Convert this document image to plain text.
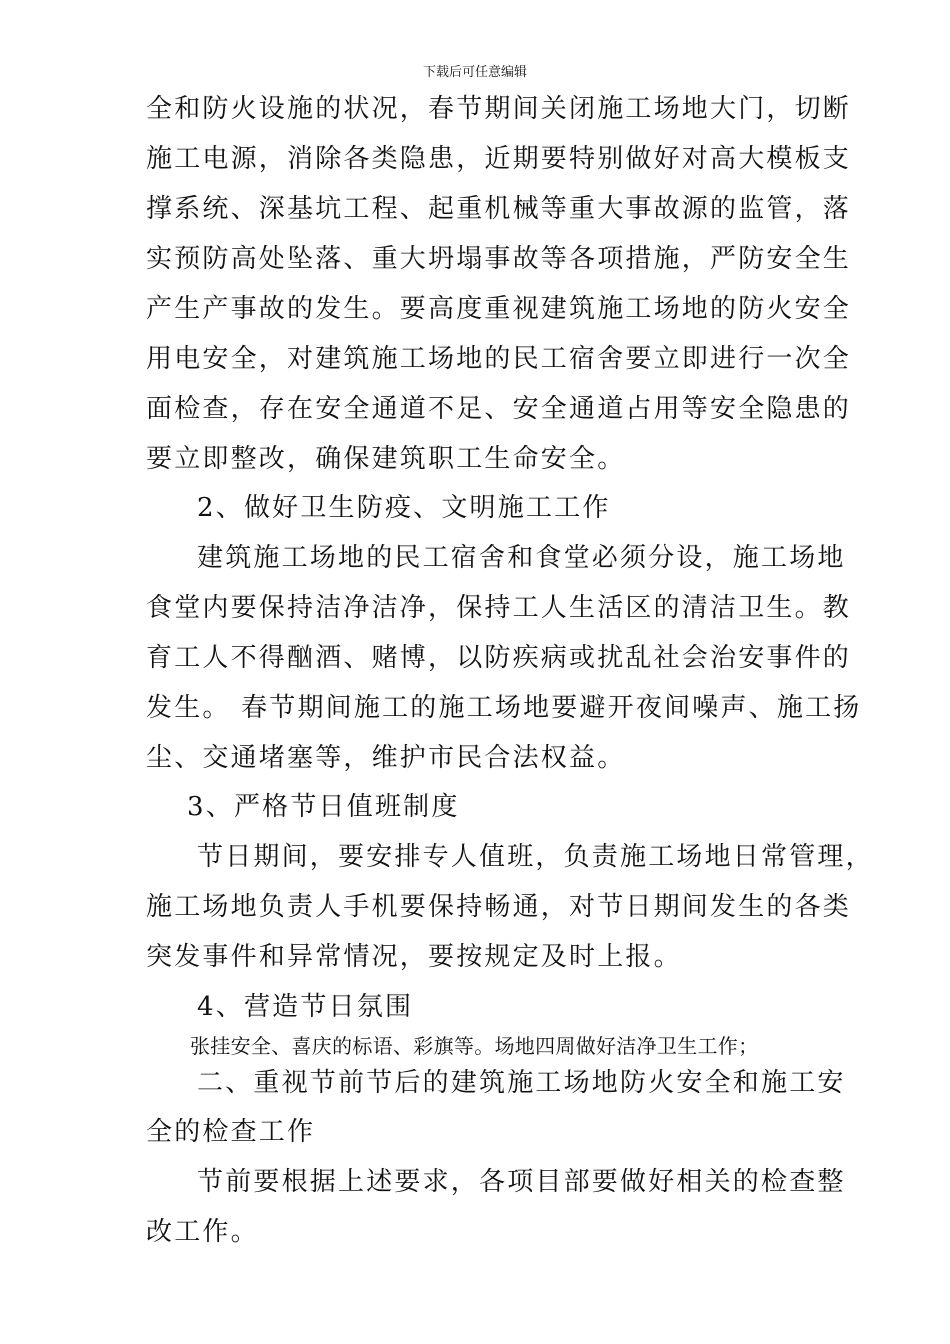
下载后可任意编辑
全和防火设施的状况，春节期间关闭施工场地大门，切断
施工电源，消除各类隐患，近期要特别做好对高大模板支
撑系统、深基坑工程、起重机械等重大事故源的监管，落
实预防高处坠落、重大坍塌事故等各项措施，严防安全生
产生产事故的发生。要高度重视建筑施工场地的防火安全
用电安全，对建筑施工场地的民工宿舍要立即进行一次全
面检查，存在安全通道不足、安全通道占用等安全隐患的
要立即整改，确保建筑职工生命安全。
2、做好卫生防疫、文明施工工作
建筑施工场地的民工宿舍和食堂必须分设，施工场地
食堂内要保持洁净洁净，保持工人生活区的清洁卫生。教
育工人不得酗酒、赌博，以防疾病或扰乱社会治安事件的
发生。 春节期间施工的施工场地要避开夜间噪声、施工扬
尘、交通堵塞等，维护市民合法权益。
3、严格节日值班制度
节日期间，要安排专人值班，负责施工场地日常管理，
施工场地负责人手机要保持畅通，对节日期间发生的各类
突发事件和异常情况，要按规定及时上报。
4、营造节日氛围
张挂安全、喜庆的标语、彩旗等。场地四周做好洁净卫生工作；
二、重视节前节后的建筑施工场地防火安全和施工安
全的检查工作
节前要根据上述要求，各项目部要做好相关的检查整
改工作。
